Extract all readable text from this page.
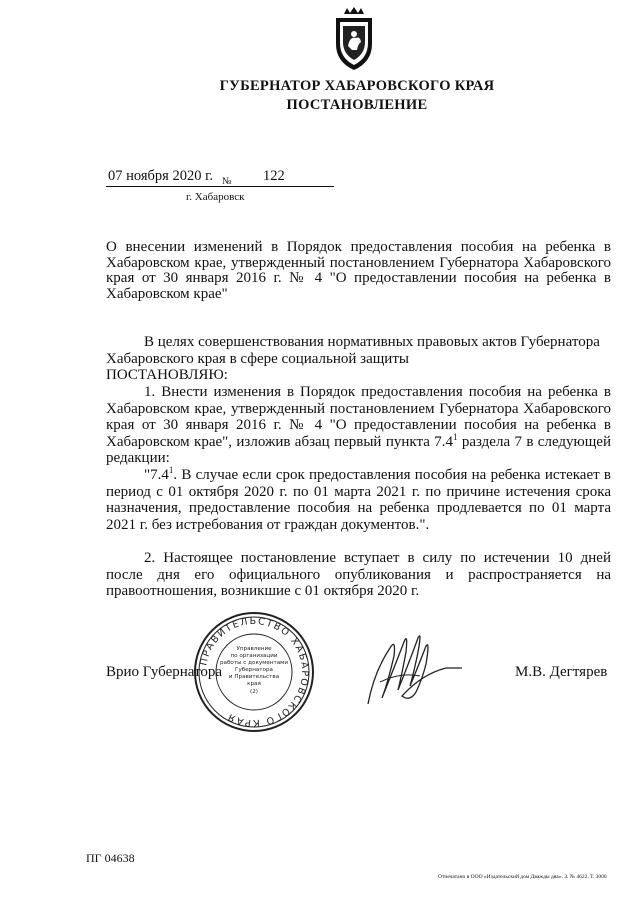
ГУБЕРНАТОР ХАБАРОВСКОГО КРАЯ
ПОСТАНОВЛЕНИЕ
07 ноября 2020 г. № 122
г. Хабаровск
О внесении изменений в Порядок предоставления пособия на ребенка в Хабаровском крае, утвержденный постановлением Губернатора Хабаровского края от 30 января 2016 г. № 4 "О предоставлении пособия на ребенка в Хабаровском крае"
В целях совершенствования нормативных правовых актов Губернатора Хабаровского края в сфере социальной защиты
ПОСТАНОВЛЯЮ:
1. Внести изменения в Порядок предоставления пособия на ребенка в Хабаровском крае, утвержденный постановлением Губернатора Хабаровского края от 30 января 2016 г. № 4 "О предоставлении пособия на ребенка в Хабаровском крае", изложив абзац первый пункта $7.4^1$ раздела 7 в следующей редакции:
"$7.4^1$. В случае если срок предоставления пособия на ребенка истекает в период с 01 октября 2020 г. по 01 марта 2021 г. по причине истечения срока назначения, предоставление пособия на ребенка продлевается по 01 марта 2021 г. без истребования от граждан документов.".
2. Настоящее постановление вступает в силу по истечении 10 дней после дня его официального опубликования и распространяется на правоотношения, возникшие с 01 октября 2020 г.
Врио Губернатора	М.В. Дегтярев
ПРАВИТЕЛЬСТВО ХАБАРОВСКОГО КРАЯ
Управление
по организации
работы с документами
Губернатора
и Правительства
края
(2)
ПГ 04638
Отпечатано в ООО «Издательский дом Дважды два». З. № 4622. Т. 3000
